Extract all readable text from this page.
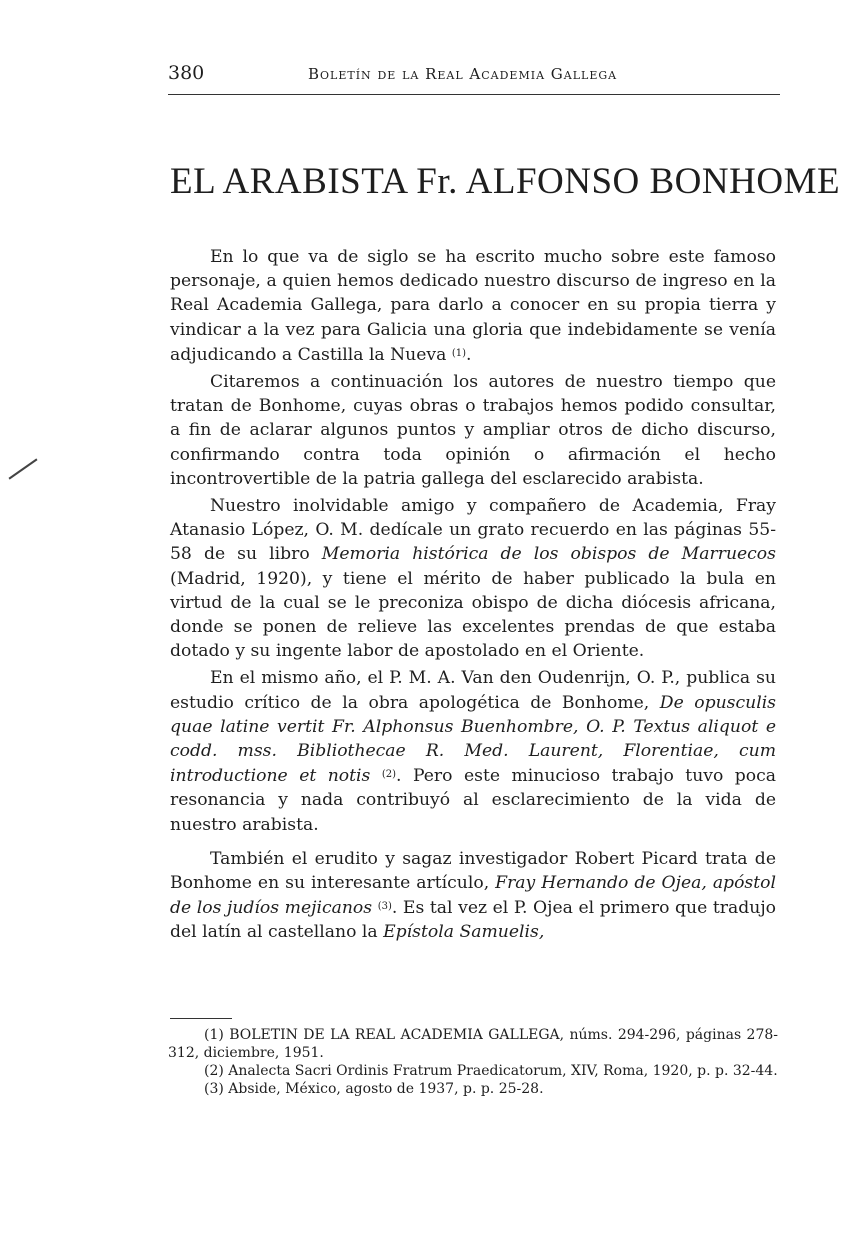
380	Boletín de la Real Academia Gallega
EL ARABISTA Fr. ALFONSO BONHOME

En lo que va de siglo se ha escrito mucho sobre este famoso personaje, a quien hemos dedicado nuestro discurso de ingreso en la Real Academia Gallega, para darlo a conocer en su propia tierra y vindicar a la vez para Galicia una gloria que indebidamente se venía adjudicando a Castilla la Nueva $^{(1)}$.

Citaremos a continuación los autores de nuestro tiempo que tratan de Bonhome, cuyas obras o trabajos hemos podido consultar, a fin de aclarar algunos puntos y ampliar otros de dicho discurso, confirmando contra toda opinión o afirmación el hecho incontrovertible de la patria gallega del esclarecido arabista.

Nuestro inolvidable amigo y compañero de Academia, Fray Atanasio López, O. M. dedícale un grato recuerdo en las páginas 55-58 de su libro Memoria histórica de los obispos de Marruecos (Madrid, 1920), y tiene el mérito de haber publicado la bula en virtud de la cual se le preconiza obispo de dicha diócesis africana, donde se ponen de relieve las excelentes prendas de que estaba dotado y su ingente labor de apostolado en el Oriente.

En el mismo año, el P. M. A. Van den Oudenrijn, O. P., publica su estudio crítico de la obra apologética de Bonhome, De opusculis quae latine vertit Fr. Alphonsus Buenhombre, O. P. Textus aliquot e codd. mss. Bibliothecae R. Med. Laurent, Florentiae, cum introductione et notis $^{(2)}$. Pero este minucioso trabajo tuvo poca resonancia y nada contribuyó al esclarecimiento de la vida de nuestro arabista.

También el erudito y sagaz investigador Robert Picard trata de Bonhome en su interesante artículo, Fray Hernando de Ojea, apóstol de los judíos mejicanos $^{(3)}$. Es tal vez el P. Ojea el primero que tradujo del latín al castellano la Epístola Samuelis,

(1) BOLETIN DE LA REAL ACADEMIA GALLEGA, núms. 294-296, páginas 278-312, diciembre, 1951.

(2) Analecta Sacri Ordinis Fratrum Praedicatorum, XIV, Roma, 1920, p. p. 32-44.

(3) Abside, México, agosto de 1937, p. p. 25-28.
